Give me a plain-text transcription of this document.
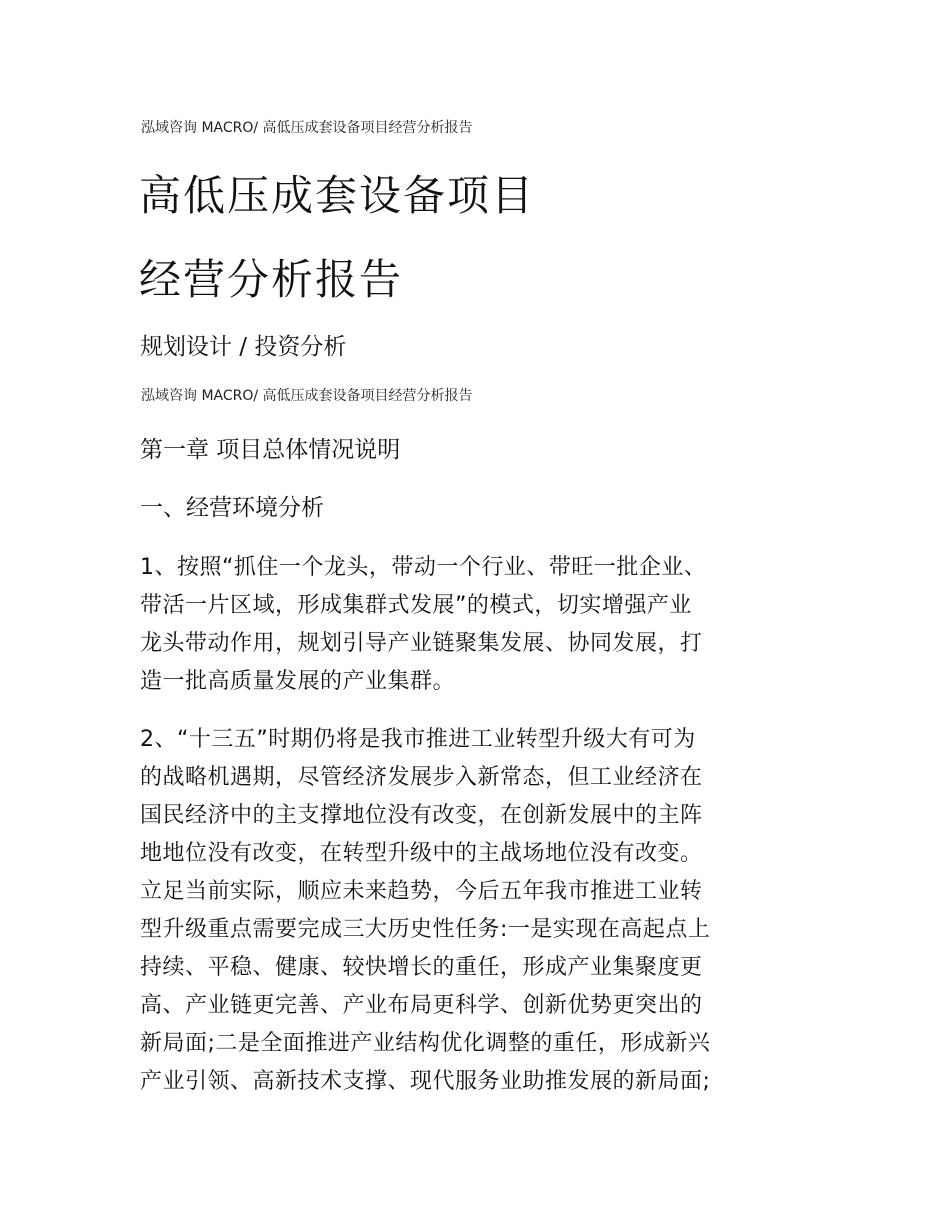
泓域咨询 MACRO/ 高低压成套设备项目经营分析报告
高低压成套设备项目
经营分析报告
规划设计 / 投资分析
泓域咨询 MACRO/ 高低压成套设备项目经营分析报告
第一章 项目总体情况说明
一、经营环境分析
1、按照“抓住一个龙头，带动一个行业、带旺一批企业、
带活一片区域，形成集群式发展”的模式，切实增强产业
龙头带动作用，规划引导产业链聚集发展、协同发展，打
造一批高质量发展的产业集群。
2、“十三五”时期仍将是我市推进工业转型升级大有可为
的战略机遇期，尽管经济发展步入新常态，但工业经济在
国民经济中的主支撑地位没有改变，在创新发展中的主阵
地地位没有改变，在转型升级中的主战场地位没有改变。
立足当前实际，顺应未来趋势，今后五年我市推进工业转
型升级重点需要完成三大历史性任务:一是实现在高起点上
持续、平稳、健康、较快增长的重任，形成产业集聚度更
高、产业链更完善、产业布局更科学、创新优势更突出的
新局面;二是全面推进产业结构优化调整的重任，形成新兴
产业引领、高新技术支撑、现代服务业助推发展的新局面;
